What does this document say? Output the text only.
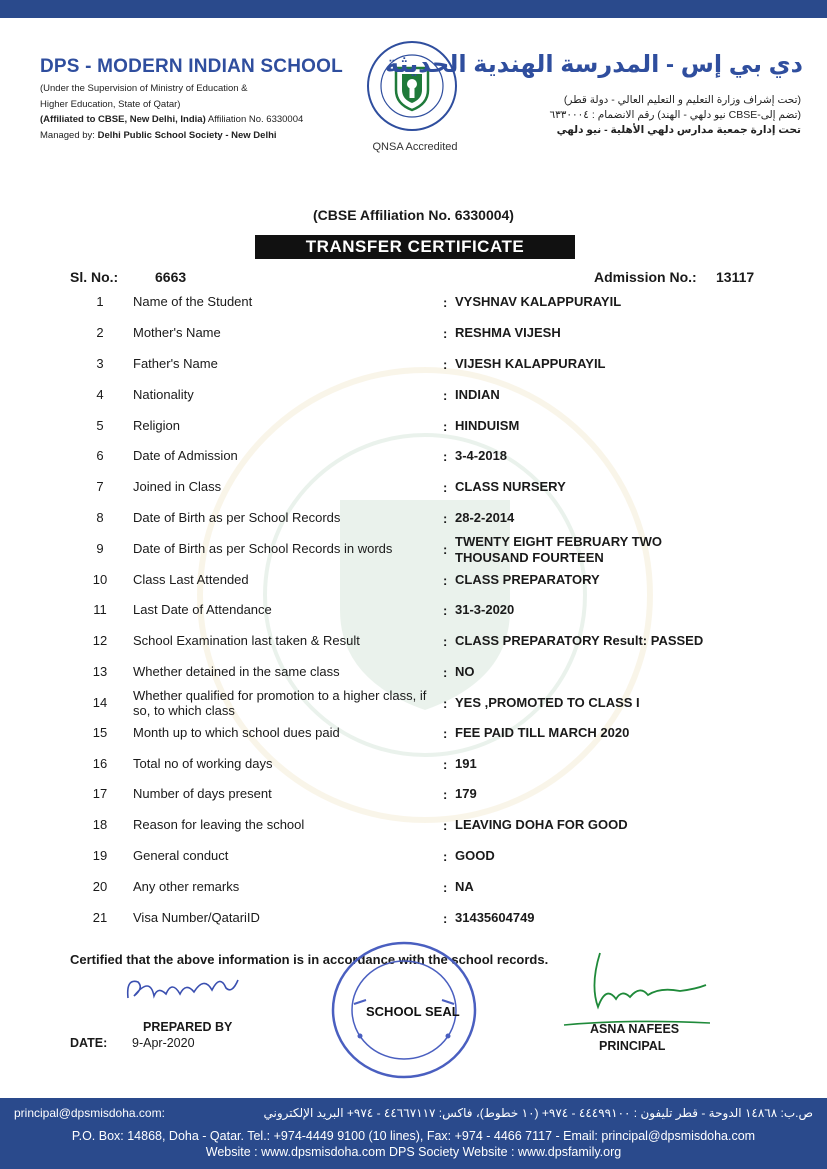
DPS - MODERN INDIAN SCHOOL
(Under the Supervision of Ministry of Education &
Higher Education, State of Qatar)
(Affiliated to CBSE, New Delhi, India) Affiliation No. 6330004
Managed by: Delhi Public School Society - New Delhi
QNSA Accredited
دي بي إس - المدرسة الهندية الحديثة
(تحت إشراف وزارة التعليم و التعليم العالي - دولة قطر)
(تضم إلى-CBSE نيو دلهي - الهند) رقم الانضمام : ٦٣٣٠٠٠٤
تحت إدارة جمعية مدارس دلهي الأهلية - نيو دلهي
(CBSE Affiliation No. 6330004)
TRANSFER CERTIFICATE
Sl. No.:	6663	Admission No.: 13117
1	Name of the Student	: VYSHNAV KALAPPURAYIL
2	Mother's Name	: RESHMA VIJESH
3	Father's Name	: VIJESH KALAPPURAYIL
4	Nationality	: INDIAN
5	Religion	: HINDUISM
6	Date of Admission	: 3-4-2018
7	Joined in Class	: CLASS NURSERY
8	Date of Birth as per School Records	: 28-2-2014
9	Date of Birth as per School Records in words	:
TWENTY EIGHT FEBRUARY TWO THOUSAND FOURTEEN
10	Class Last Attended	: CLASS PREPARATORY
11	Last Date of Attendance	: 31-3-2020
12	School Examination last taken & Result	: CLASS PREPARATORY Result: PASSED
13	Whether detained in the same class	: NO
14	Whether qualified for promotion to a higher class, if so, to which class	: YES ,PROMOTED TO CLASS I
15	Month up to which school dues paid	: FEE PAID TILL MARCH 2020
16	Total no of working days	: 191
17	Number of days present	: 179
18	Reason for leaving the school	: LEAVING DOHA FOR GOOD
19	General conduct	: GOOD
20	Any other remarks	: NA
21	Visa Number/QatariID	: 31435604749
Certified that the above information is in accordance with the school records.
PREPARED BY
DATE: 9-Apr-2020
SCHOOL SEAL
ASNA NAFEES
PRINCIPAL
principal@dpsmisdoha.com:	ص.ب: ١٤٨٦٨ الدوحة - قطر تليفون : ٤٤٤٩٩١٠٠ - ٩٧٤+ (١٠ خطوط)، فاكس: ٤٤٦٦٧١١٧ - ٩٧٤+ البريد الإلكتروني
P.O. Box: 14868, Doha - Qatar. Tel.: +974-4449 9100 (10 lines), Fax: +974 - 4466 7117 - Email: principal@dpsmisdoha.com
Website : www.dpsmisdoha.com DPS Society Website : www.dpsfamily.org
